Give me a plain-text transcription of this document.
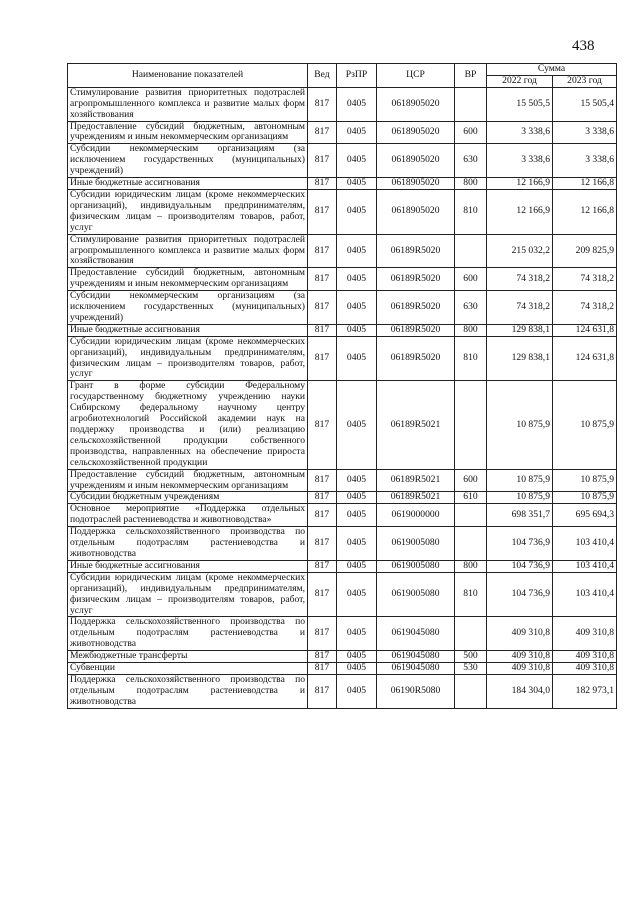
438
Наименование показателей	Вед	РзПР	ЦСР	ВР	Сумма	
					2022 год	2023 год
Стимулирование развития приоритетных подотраслей агропромышленного комплекса и развитие малых форм хозяйствования	817	0405	0618905020		15 505,5	15 505,4
Предоставление субсидий бюджетным, автономным учреждениям и иным некоммерческим организациям	817	0405	0618905020	600	3 338,6	3 338,6
Субсидии некоммерческим организациям (за исключением государственных (муниципальных) учреждений)	817	0405	0618905020	630	3 338,6	3 338,6
Иные бюджетные ассигнования	817	0405	0618905020	800	12 166,9	12 166,8
Субсидии юридическим лицам (кроме некоммерческих организаций), индивидуальным предпринимателям, физическим лицам – производителям товаров, работ, услуг	817	0405	0618905020	810	12 166,9	12 166,8
Стимулирование развития приоритетных подотраслей агропромышленного комплекса и развитие малых форм хозяйствования	817	0405	06189R5020		215 032,2	209 825,9
Предоставление субсидий бюджетным, автономным учреждениям и иным некоммерческим организациям	817	0405	06189R5020	600	74 318,2	74 318,2
Субсидии некоммерческим организациям (за исключением государственных (муниципальных) учреждений)	817	0405	06189R5020	630	74 318,2	74 318,2
Иные бюджетные ассигнования	817	0405	06189R5020	800	129 838,1	124 631,8
Субсидии юридическим лицам (кроме некоммерческих организаций), индивидуальным предпринимателям, физическим лицам – производителям товаров, работ, услуг	817	0405	06189R5020	810	129 838,1	124 631,8
Грант в форме субсидии Федеральному государственному бюджетному учреждению науки Сибирскому федеральному научному центру агробиотехнологий Российской академии наук на поддержку производства и (или) реализацию сельскохозяйственной продукции собственного производства, направленных на обеспечение прироста сельскохозяйственной продукции	817	0405	06189R5021		10 875,9	10 875,9
Предоставление субсидий бюджетным, автономным учреждениям и иным некоммерческим организациям	817	0405	06189R5021	600	10 875,9	10 875,9
Субсидии бюджетным учреждениям	817	0405	06189R5021	610	10 875,9	10 875,9
Основное мероприятие «Поддержка отдельных подотраслей растениеводства и животноводства»	817	0405	0619000000		698 351,7	695 694,3
Поддержка сельскохозяйственного производства по отдельным подотраслям растениеводства и животноводства	817	0405	0619005080		104 736,9	103 410,4
Иные бюджетные ассигнования	817	0405	0619005080	800	104 736,9	103 410,4
Субсидии юридическим лицам (кроме некоммерческих организаций), индивидуальным предпринимателям, физическим лицам – производителям товаров, работ, услуг	817	0405	0619005080	810	104 736,9	103 410,4
Поддержка сельскохозяйственного производства по отдельным подотраслям растениеводства и животноводства	817	0405	0619045080		409 310,8	409 310,8
Межбюджетные трансферты	817	0405	0619045080	500	409 310,8	409 310,8
Субвенции	817	0405	0619045080	530	409 310,8	409 310,8
Поддержка сельскохозяйственного производства по отдельным подотраслям растениеводства и животноводства	817	0405	06190R5080		184 304,0	182 973,1
